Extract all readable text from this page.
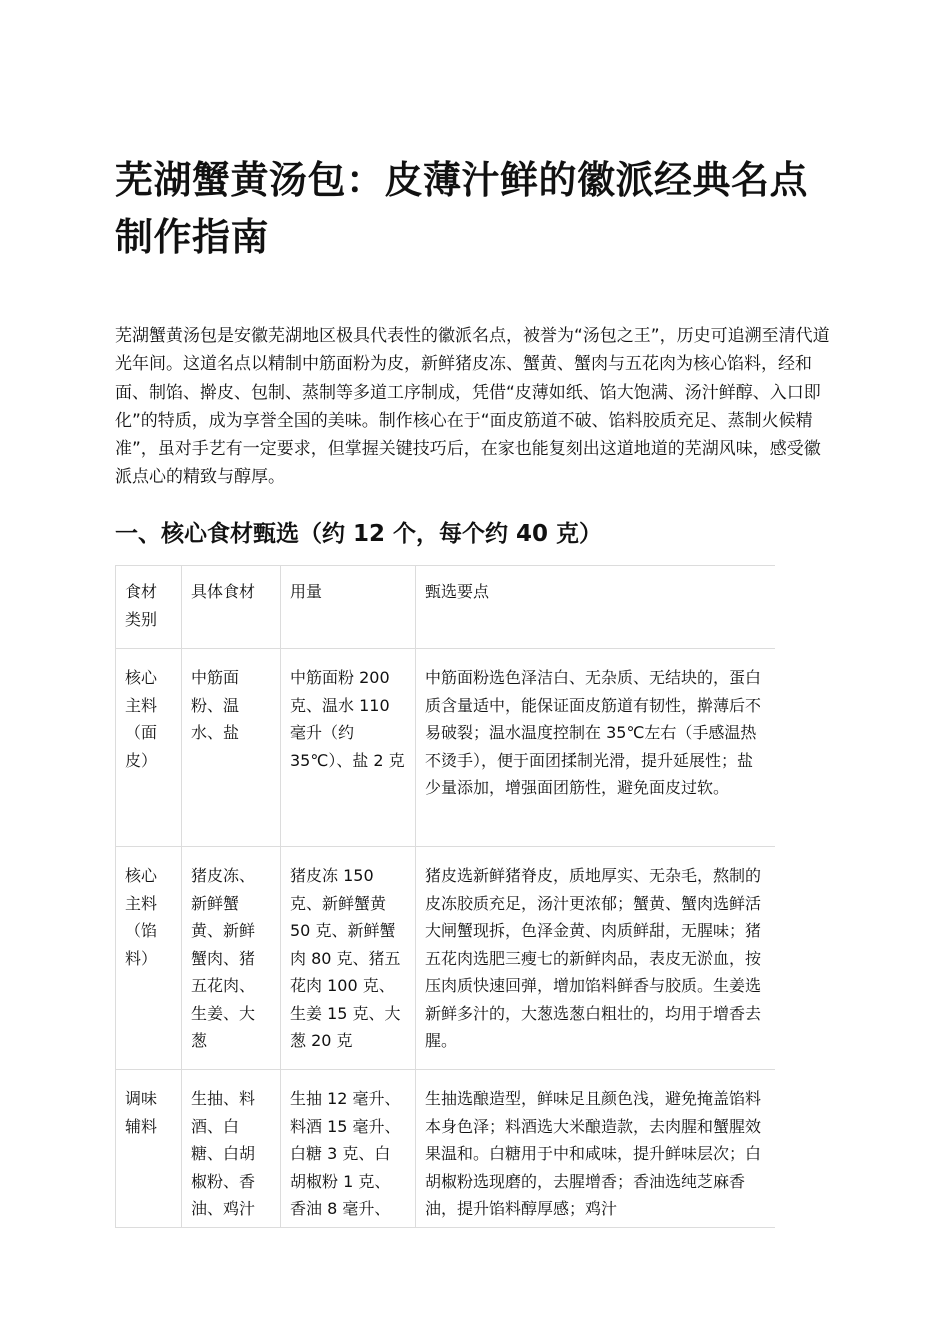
芜湖蟹黄汤包：皮薄汁鲜的徽派经典名点制作指南

芜湖蟹黄汤包是安徽芜湖地区极具代表性的徽派名点，被誉为“汤包之王”，历史可追溯至清代道光年间。这道名点以精制中筋面粉为皮，新鲜猪皮冻、蟹黄、蟹肉与五花肉为核心馅料，经和面、制馅、擀皮、包制、蒸制等多道工序制成，凭借“皮薄如纸、馅大饱满、汤汁鲜醇、入口即化”的特质，成为享誉全国的美味。制作核心在于“面皮筋道不破、馅料胶质充足、蒸制火候精准”，虽对手艺有一定要求，但掌握关键技巧后，在家也能复刻出这道地道的芜湖风味，感受徽派点心的精致与醇厚。

一、核心食材甄选（约 12 个，每个约 40 克）
食材类别	具体食材	用量	甄选要点
核心主料（面皮）	中筋面粉、温水、盐	中筋面粉 200 克、温水 110 毫升（约 35℃）、盐 2 克	中筋面粉选色泽洁白、无杂质、无结块的，蛋白质含量适中，能保证面皮筋道有韧性，擀薄后不易破裂；温水温度控制在 35℃左右（手感温热不烫手），便于面团揉制光滑，提升延展性；盐少量添加，增强面团筋性，避免面皮过软。
核心主料（馅料）	猪皮冻、新鲜蟹黄、新鲜蟹肉、猪五花肉、生姜、大葱	猪皮冻 150 克、新鲜蟹黄 50 克、新鲜蟹肉 80 克、猪五花肉 100 克、生姜 15 克、大葱 20 克	猪皮选新鲜猪脊皮，质地厚实、无杂毛，熬制的皮冻胶质充足，汤汁更浓郁；蟹黄、蟹肉选鲜活大闸蟹现拆，色泽金黄、肉质鲜甜，无腥味；猪五花肉选肥三瘦七的新鲜肉品，表皮无淤血，按压肉质快速回弹，增加馅料鲜香与胶质。生姜选新鲜多汁的，大葱选葱白粗壮的，均用于增香去腥。
调味辅料	生抽、料酒、白糖、白胡椒粉、香油、鸡汁	生抽 12 毫升、料酒 15 毫升、白糖 3 克、白胡椒粉 1 克、香油 8 毫升、	生抽选酿造型，鲜味足且颜色浅，避免掩盖馅料本身色泽；料酒选大米酿造款，去肉腥和蟹腥效果温和。白糖用于中和咸味，提升鲜味层次；白胡椒粉选现磨的，去腥增香；香油选纯芝麻香油，提升馅料醇厚感；鸡汁
